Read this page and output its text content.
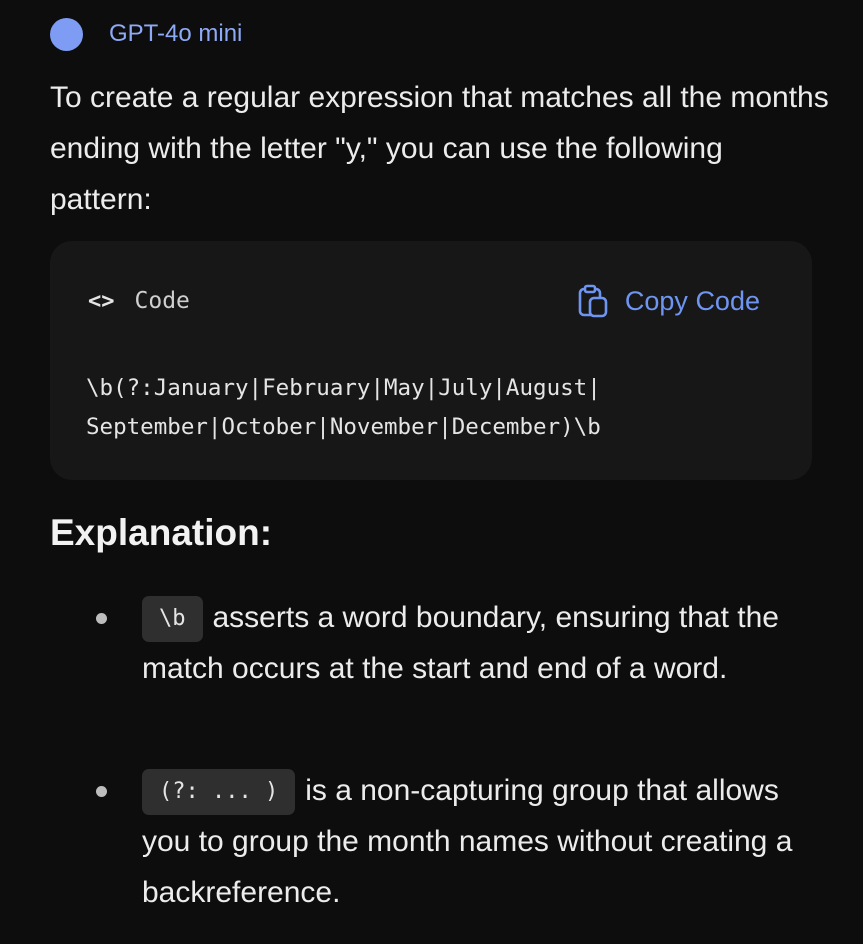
GPT-4o mini
To create a regular expression that matches all the months ending with the letter "y," you can use the following pattern:
<> Code	Copy Code
\b(?:January|February|May|July|August|
September|October|November|December)\b
Explanation:
\b asserts a word boundary, ensuring that the match occurs at the start and end of a word.
(?: ... ) is a non-capturing group that allows you to group the month names without creating a backreference.
